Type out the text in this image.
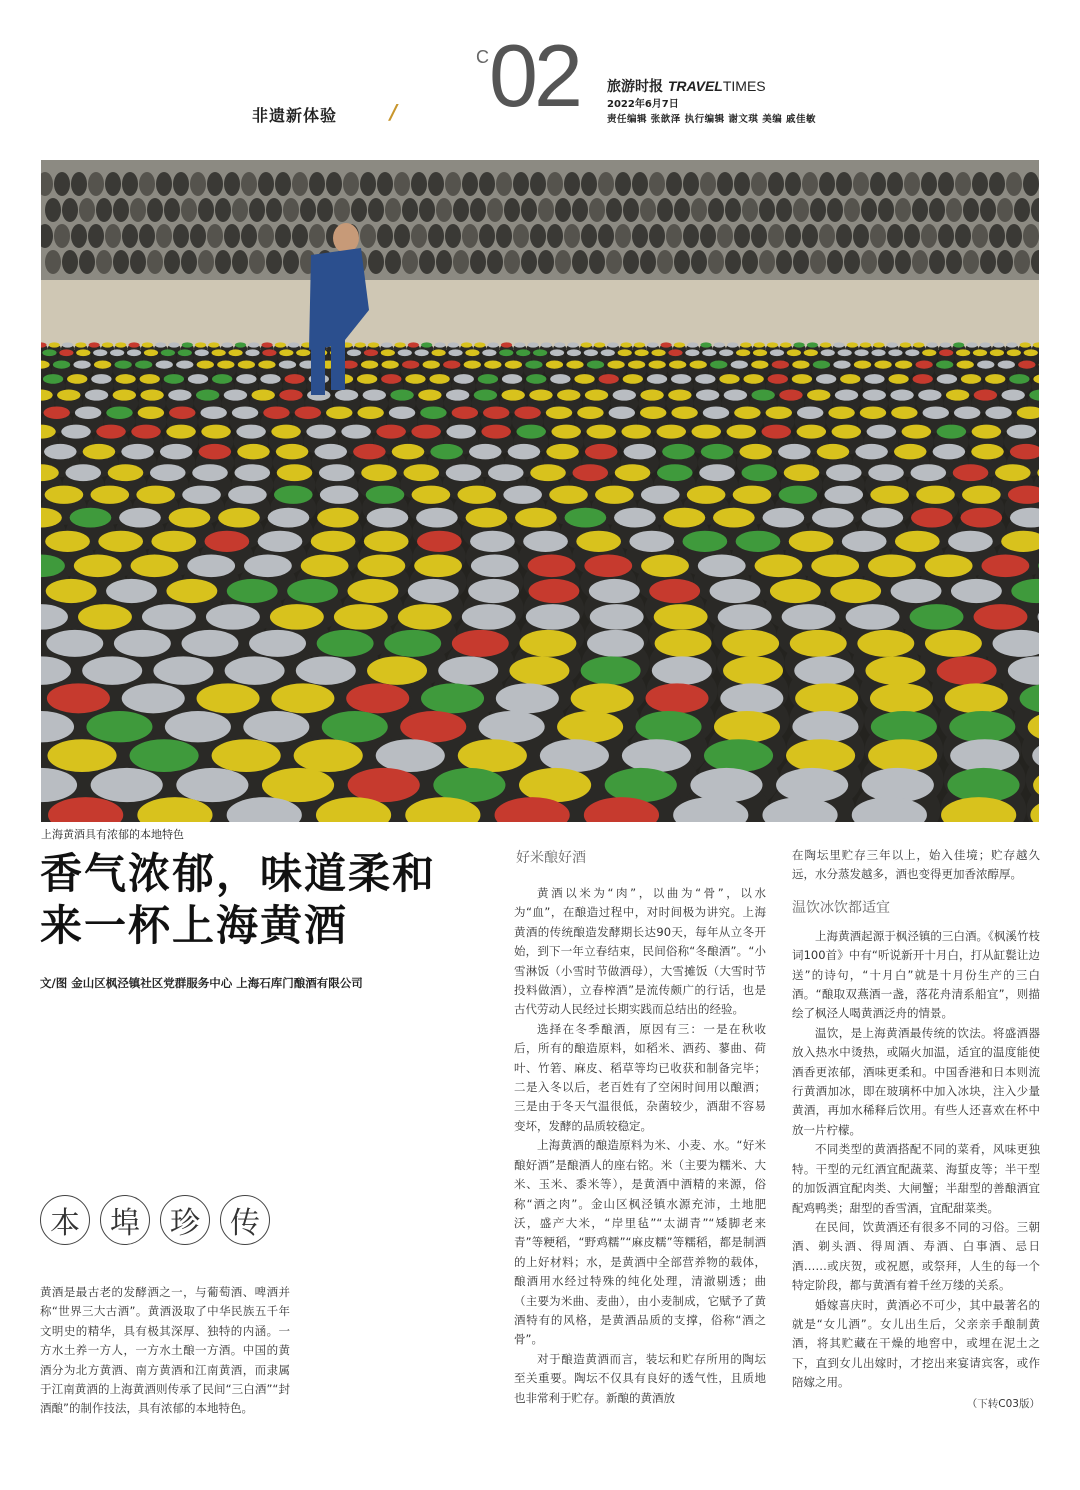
非遗新体验	/
C 02 旅游时报 TRAVELTIMES
2022年6月7日
责任编辑 张歆泽 执行编辑 谢文琪 美编 戚佳敏
上海黄酒具有浓郁的本地特色
香气浓郁，味道柔和
来一杯上海黄酒
文/图 金山区枫泾镇社区党群服务中心 上海石库门酿酒有限公司
本	埠	珍	传

黄酒是最古老的发酵酒之一，与葡萄酒、啤酒并称“世界三大古酒”。黄酒汲取了中华民族五千年文明史的精华，具有极其深厚、独特的内涵。一方水土养一方人，一方水土酿一方酒。中国的黄酒分为北方黄酒、南方黄酒和江南黄酒，而隶属于江南黄酒的上海黄酒则传承了民间“三白酒”“封酒酿”的制作技法，具有浓郁的本地特色。

好米酿好酒

黄酒以米为“肉”，以曲为“骨”，以水为“血”，在酿造过程中，对时间极为讲究。上海黄酒的传统酿造发酵期长达90天，每年从立冬开始，到下一年立春结束，民间俗称“冬酿酒”。“小雪淋饭（小雪时节做酒母），大雪摊饭（大雪时节投料做酒），立春榨酒”是流传颇广的行话，也是古代劳动人民经过长期实践而总结出的经验。

选择在冬季酿酒，原因有三：一是在秋收后，所有的酿造原料，如稻米、酒药、蓼曲、荷叶、竹箬、麻皮、稻草等均已收获和制备完毕；二是入冬以后，老百姓有了空闲时间用以酿酒；三是由于冬天气温很低，杂菌较少，酒甜不容易变坏，发酵的品质较稳定。

上海黄酒的酿造原料为米、小麦、水。“好米酿好酒”是酿酒人的座右铭。米（主要为糯米、大米、玉米、黍米等），是黄酒中酒精的来源，俗称“酒之肉”。金山区枫泾镇水源充沛，土地肥沃，盛产大米，“岸里毡”“太湖青”“矮脚老来青”等粳稻，“野鸡糯”“麻皮糯”等糯稻，都是制酒的上好材料；水，是黄酒中全部营养物的载体，酿酒用水经过特殊的纯化处理，清澈剔透；曲（主要为米曲、麦曲），由小麦制成，它赋予了黄酒特有的风格，是黄酒品质的支撑，俗称“酒之骨”。

对于酿造黄酒而言，装坛和贮存所用的陶坛至关重要。陶坛不仅具有良好的透气性，且质地也非常利于贮存。新酿的黄酒放

在陶坛里贮存三年以上，始入佳境；贮存越久远，水分蒸发越多，酒也变得更加香浓醇厚。

温饮冰饮都适宜

上海黄酒起源于枫泾镇的三白酒。《枫溪竹枝词100首》中有“听说新开十月白，打从缸甏让边送”的诗句，“十月白”就是十月份生产的三白酒。“酿取双燕酒一盏，落花舟清系船宜”，则描绘了枫泾人喝黄酒泛舟的情景。

温饮，是上海黄酒最传统的饮法。将盛酒器放入热水中烫热，或隔火加温，适宜的温度能使酒香更浓郁，酒味更柔和。中国香港和日本则流行黄酒加冰，即在玻璃杯中加入冰块，注入少量黄酒，再加水稀释后饮用。有些人还喜欢在杯中放一片柠檬。

不同类型的黄酒搭配不同的菜肴，风味更独特。干型的元红酒宜配蔬菜、海蜇皮等；半干型的加饭酒宜配肉类、大闸蟹；半甜型的善酿酒宜配鸡鸭类；甜型的香雪酒，宜配甜菜类。

在民间，饮黄酒还有很多不同的习俗。三朝酒、剃头酒、得周酒、寿酒、白事酒、忌日酒……或庆贺，或祝愿，或祭拜，人生的每一个特定阶段，都与黄酒有着千丝万缕的关系。

婚嫁喜庆时，黄酒必不可少，其中最著名的就是“女儿酒”。女儿出生后，父亲亲手酿制黄酒，将其贮藏在干燥的地窖中，或埋在泥土之下，直到女儿出嫁时，才挖出来宴请宾客，或作陪嫁之用。

（下转C03版）
